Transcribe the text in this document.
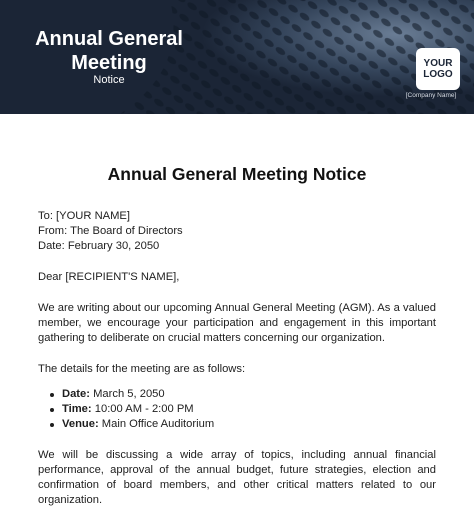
Annual General Meeting
Notice
YOUR
LOGO
[Company Name]
Annual General Meeting Notice
To: [YOUR NAME]
From: The Board of Directors
Date: February 30, 2050
Dear [RECIPIENT'S NAME],
We are writing about our upcoming Annual General Meeting (AGM). As a valued member, we encourage your participation and engagement in this important gathering to deliberate on crucial matters concerning our organization.
The details for the meeting are as follows:
Date: March 5, 2050
Time: 10:00 AM - 2:00 PM
Venue: Main Office Auditorium
We will be discussing a wide array of topics, including annual financial performance, approval of the annual budget, future strategies, election and confirmation of board members, and other critical matters related to our organization.
